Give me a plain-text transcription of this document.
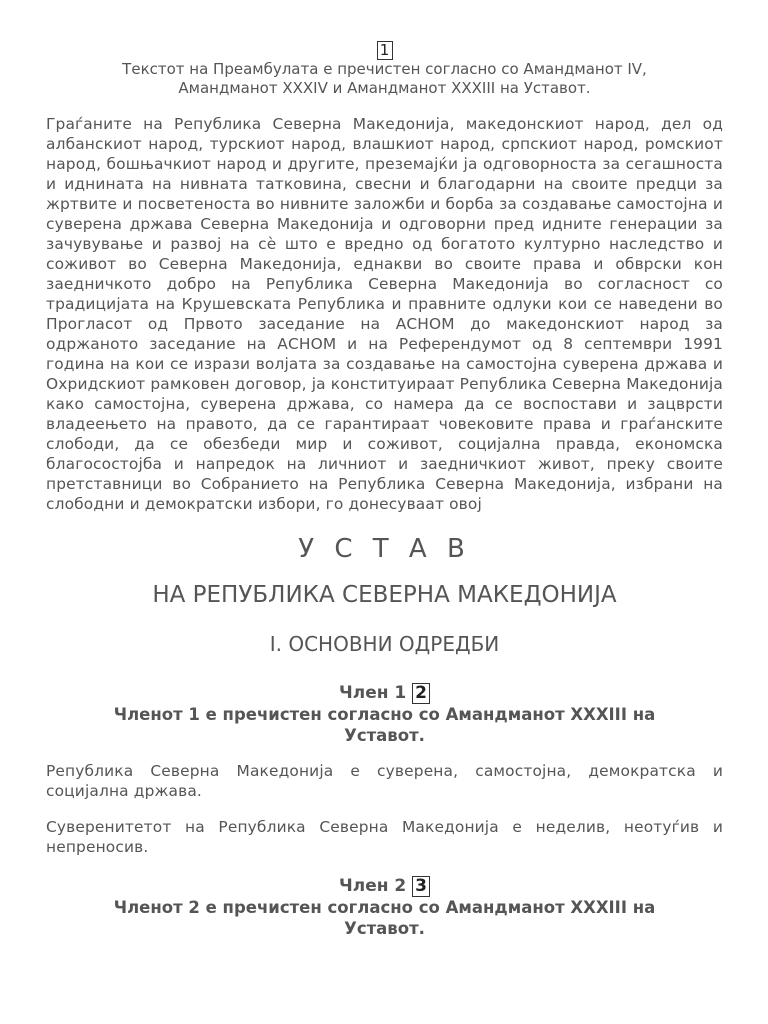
1

Текстот на Преамбулата е пречистен согласно со Амандманот IV,

Амандманот XXXIV и Амандманот XXXIII на Уставот.

Граѓаните на Република Северна Македонија, македонскиот народ, дел од албанскиот народ, турскиот народ, влашкиот народ, српскиот народ, ромскиот народ, бошњачкиот народ и другите, преземајќи ја одговорноста за сегашноста и иднината на нивната татковина, свесни и благодарни на своите предци за жртвите и посветеноста во нивните заложби и борба за создавање самостојна и суверена држава Северна Македонија и одговорни пред идните генерации за зачувување и развој на сѐ што е вредно од богатото културно наследство и соживот во Северна Македонија, еднакви во своите права и обврски кон заедничкото добро на Република Северна Македонија во согласност со традицијата на Крушевската Република и правните одлуки кои се наведени во Прогласот од Првото заседание на АСНОМ до македонскиот народ за одржаното заседание на АСНОМ и на Референдумот од 8 септември 1991 година на кои се изрази волјата за создавање на самостојна суверена држава и Охридскиот рамковен договор, ја конституираат Република Северна Македонија како самостојна, суверена држава, со намера да се воспостави и зацврсти владеењето на правото, да се гарантираат човековите права и граѓанските слободи, да се обезбеди мир и соживот, социјална правда, економска благосостојба и напредок на личниот и заедничкиот живот, преку своите претставници во Собранието на Република Северна Македонија, избрани на слободни и демократски избори, го донесуваат овој

У С Т А В
НА РЕПУБЛИКА СЕВЕРНА МАКЕДОНИЈА
I. ОСНОВНИ ОДРЕДБИ
Член 1 2

Членот 1 е пречистен согласно со Амандманот XXXIII на

Уставот.

Република Северна Македонија е суверена, самостојна, демократска и социјална држава.

Суверенитетот на Република Северна Македонија е неделив, неотуѓив и непреносив.

Член 2 3

Членот 2 е пречистен согласно со Амандманот XXXIII на

Уставот.
